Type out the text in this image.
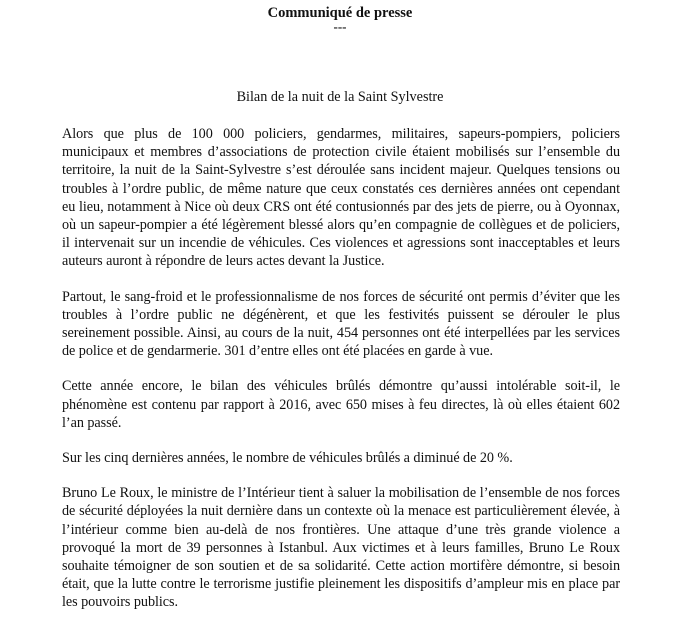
Communiqué de presse
---
Bilan de la nuit de la Saint Sylvestre

Alors que plus de 100 000 policiers, gendarmes, militaires, sapeurs-pompiers, policiers municipaux et membres d’associations de protection civile étaient mobilisés sur l’ensemble du territoire, la nuit de la Saint-Sylvestre s’est déroulée sans incident majeur. Quelques tensions ou troubles à l’ordre public, de même nature que ceux constatés ces dernières années ont cependant eu lieu, notamment à Nice où deux CRS ont été contusionnés par des jets de pierre, ou à Oyonnax, où un sapeur-pompier a été légèrement blessé alors qu’en compagnie de collègues et de policiers, il intervenait sur un incendie de véhicules. Ces violences et agressions sont inacceptables et leurs auteurs auront à répondre de leurs actes devant la Justice.

Partout, le sang-froid et le professionnalisme de nos forces de sécurité ont permis d’éviter que les troubles à l’ordre public ne dégénèrent, et que les festivités puissent se dérouler le plus sereinement possible. Ainsi, au cours de la nuit, 454 personnes ont été interpellées par les services de police et de gendarmerie. 301 d’entre elles ont été placées en garde à vue.

Cette année encore, le bilan des véhicules brûlés démontre qu’aussi intolérable soit-il, le phénomène est contenu par rapport à 2016, avec 650 mises à feu directes, là où elles étaient 602 l’an passé.

Sur les cinq dernières années, le nombre de véhicules brûlés a diminué de 20 %.

Bruno Le Roux, le ministre de l’Intérieur tient à saluer la mobilisation de l’ensemble de nos forces de sécurité déployées la nuit dernière dans un contexte où la menace est particulièrement élevée, à l’intérieur comme bien au-delà de nos frontières. Une attaque d’une très grande violence a provoqué la mort de 39 personnes à Istanbul. Aux victimes et à leurs familles, Bruno Le Roux souhaite témoigner de son soutien et de sa solidarité. Cette action mortifère démontre, si besoin était, que la lutte contre le terrorisme justifie pleinement les dispositifs d’ampleur mis en place par les pouvoirs publics.
